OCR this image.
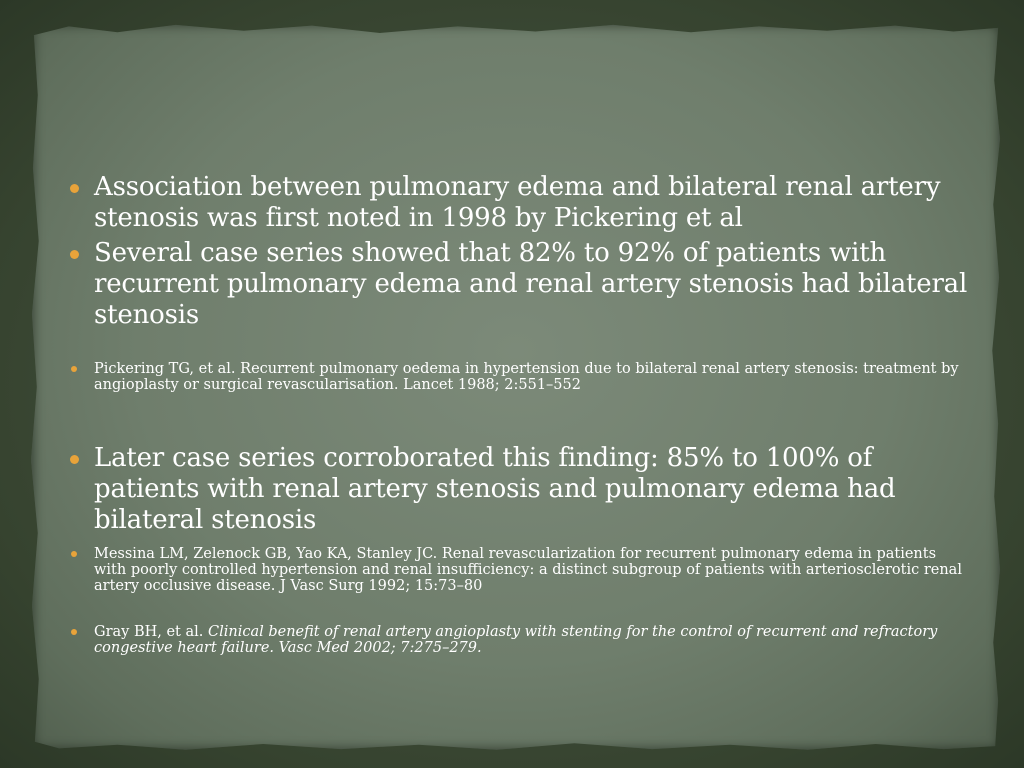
Association between pulmonary edema and bilateral renal artery stenosis was first noted in 1998 by Pickering et al
Several case series showed that 82% to 92% of patients with recurrent pulmonary edema and renal artery stenosis had bilateral stenosis
Pickering TG, et al. Recurrent pulmonary oedema in hypertension due to bilateral renal artery stenosis: treatment by angioplasty or surgical revascularisation. Lancet 1988; 2:551–552
Later case series corroborated this finding: 85% to 100% of patients with renal artery stenosis and pulmonary edema had bilateral stenosis
Messina LM, Zelenock GB, Yao KA, Stanley JC. Renal revascularization for recurrent pulmonary edema in patients with poorly controlled hypertension and renal insufficiency: a distinct subgroup of patients with arteriosclerotic renal artery occlusive disease. J Vasc Surg 1992; 15:73–80
Gray BH, et al. Clinical benefit of renal artery angioplasty with stenting for the control of recurrent and refractory congestive heart failure. Vasc Med 2002; 7:275–279.
